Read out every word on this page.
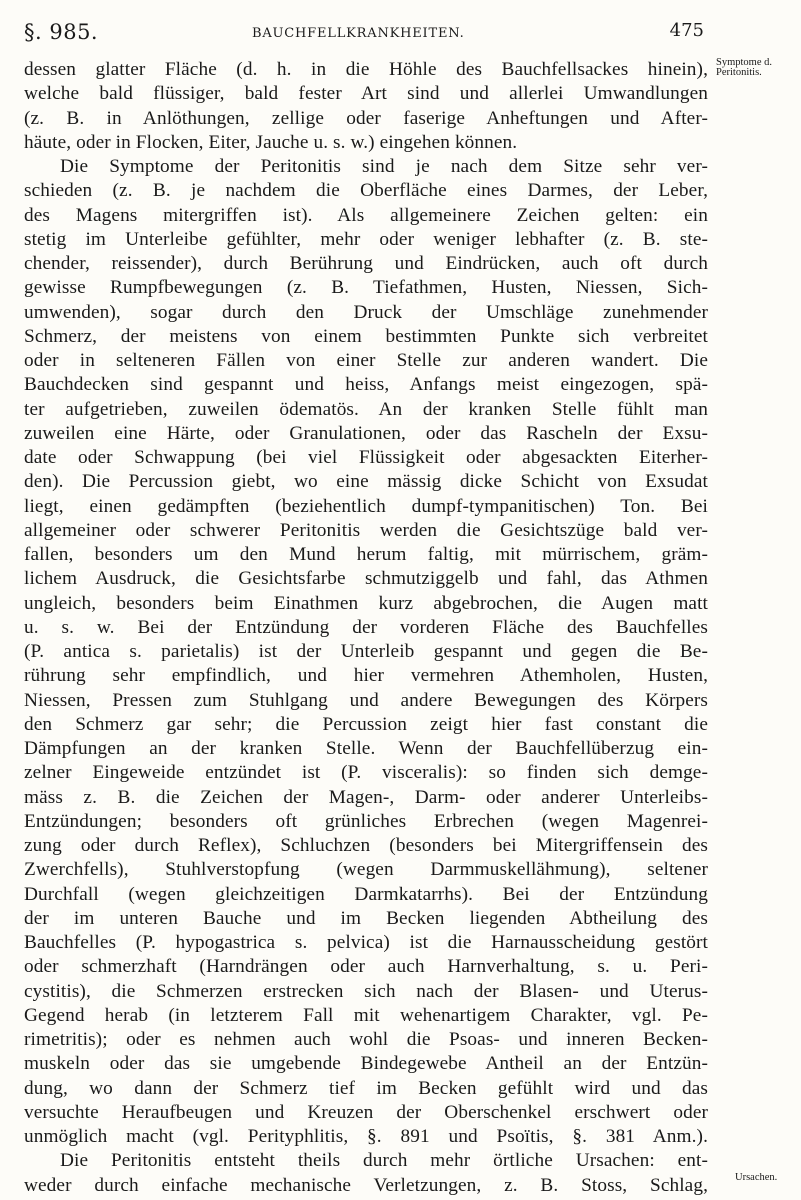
§. 985.	BAUCHFELLKRANKHEITEN.	475
Symptome d. Peritonitis.
dessen glatter Fläche (d. h. in die Höhle des Bauchfellsackes hinein),
welche bald flüssiger, bald fester Art sind und allerlei Umwandlungen
(z. B. in Anlöthungen, zellige oder faserige Anheftungen und After-
häute, oder in Flocken, Eiter, Jauche u. s. w.) eingehen können.
Die Symptome der Peritonitis sind je nach dem Sitze sehr ver-
schieden (z. B. je nachdem die Oberfläche eines Darmes, der Leber,
des Magens mitergriffen ist). Als allgemeinere Zeichen gelten: ein
stetig im Unterleibe gefühlter, mehr oder weniger lebhafter (z. B. ste-
chender, reissender), durch Berührung und Eindrücken, auch oft durch
gewisse Rumpfbewegungen (z. B. Tiefathmen, Husten, Niessen, Sich-
umwenden), sogar durch den Druck der Umschläge zunehmender
Schmerz, der meistens von einem bestimmten Punkte sich verbreitet
oder in selteneren Fällen von einer Stelle zur anderen wandert. Die
Bauchdecken sind gespannt und heiss, Anfangs meist eingezogen, spä-
ter aufgetrieben, zuweilen ödematös. An der kranken Stelle fühlt man
zuweilen eine Härte, oder Granulationen, oder das Rascheln der Exsu-
date oder Schwappung (bei viel Flüssigkeit oder abgesackten Eiterher-
den). Die Percussion giebt, wo eine mässig dicke Schicht von Exsudat
liegt, einen gedämpften (beziehentlich dumpf-tympanitischen) Ton. Bei
allgemeiner oder schwerer Peritonitis werden die Gesichtszüge bald ver-
fallen, besonders um den Mund herum faltig, mit mürrischem, gräm-
lichem Ausdruck, die Gesichtsfarbe schmutziggelb und fahl, das Athmen
ungleich, besonders beim Einathmen kurz abgebrochen, die Augen matt
u. s. w. Bei der Entzündung der vorderen Fläche des Bauchfelles
(P. antica s. parietalis) ist der Unterleib gespannt und gegen die Be-
rührung sehr empfindlich, und hier vermehren Athemholen, Husten,
Niessen, Pressen zum Stuhlgang und andere Bewegungen des Körpers
den Schmerz gar sehr; die Percussion zeigt hier fast constant die
Dämpfungen an der kranken Stelle. Wenn der Bauchfellüberzug ein-
zelner Eingeweide entzündet ist (P. visceralis): so finden sich demge-
mäss z. B. die Zeichen der Magen-, Darm- oder anderer Unterleibs-
Entzündungen; besonders oft grünliches Erbrechen (wegen Magenrei-
zung oder durch Reflex), Schluchzen (besonders bei Mitergriffensein des
Zwerchfells), Stuhlverstopfung (wegen Darmmuskellähmung), seltener
Durchfall (wegen gleichzeitigen Darmkatarrhs). Bei der Entzündung
der im unteren Bauche und im Becken liegenden Abtheilung des
Bauchfelles (P. hypogastrica s. pelvica) ist die Harnausscheidung gestört
oder schmerzhaft (Harndrängen oder auch Harnverhaltung, s. u. Peri-
cystitis), die Schmerzen erstrecken sich nach der Blasen- und Uterus-
Gegend herab (in letzterem Fall mit wehenartigem Charakter, vgl. Pe-
rimetritis); oder es nehmen auch wohl die Psoas- und inneren Becken-
muskeln oder das sie umgebende Bindegewebe Antheil an der Entzün-
dung, wo dann der Schmerz tief im Becken gefühlt wird und das
versuchte Heraufbeugen und Kreuzen der Oberschenkel erschwert oder
unmöglich macht (vgl. Perityphlitis, §. 891 und Psoïtis, §. 381 Anm.).
Die Peritonitis entsteht theils durch mehr örtliche Ursachen: ent-
weder durch einfache mechanische Verletzungen, z. B. Stoss, Schlag,	Ursachen.
